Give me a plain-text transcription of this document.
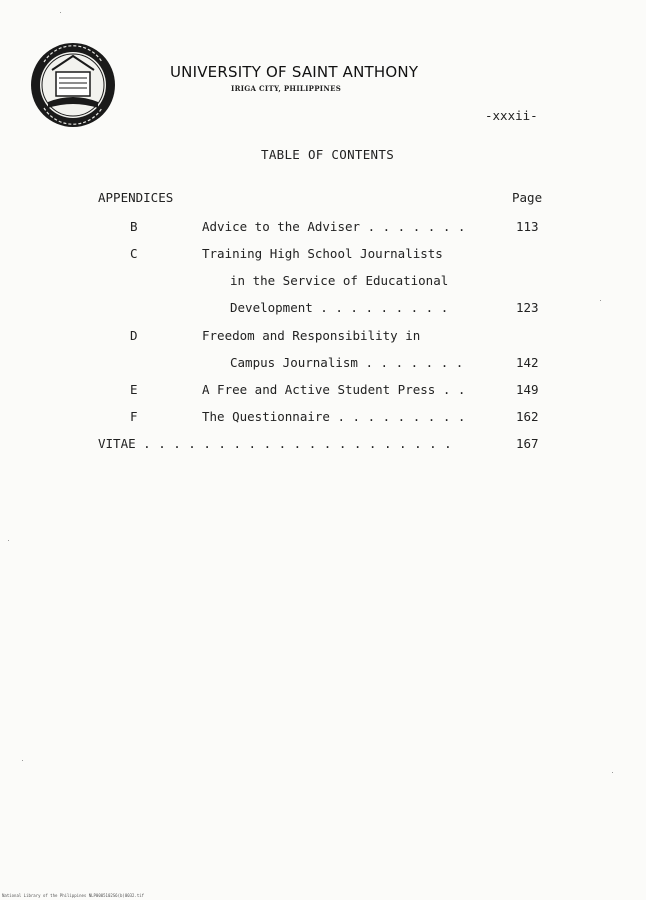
UNIVERSITY OF SAINT ANTHONY
IRIGA CITY, PHILIPPINES
-xxxii-
TABLE OF CONTENTS
APPENDICES	Page
B	Advice to the Adviser . . . . . . .	113
C	Training High School Journalists
in the Service of Educational
Development . . . . . . . . .	123
D	Freedom and Responsibility in
Campus Journalism . . . . . . .	142
E	A Free and Active Student Press . .	149
F	The Questionnaire . . . . . . . . .	162
VITAE . . . . . . . . . . . . . . . . . . . . .	167
National Library of the Philippines NLP0005102S6(b)0032.tif
